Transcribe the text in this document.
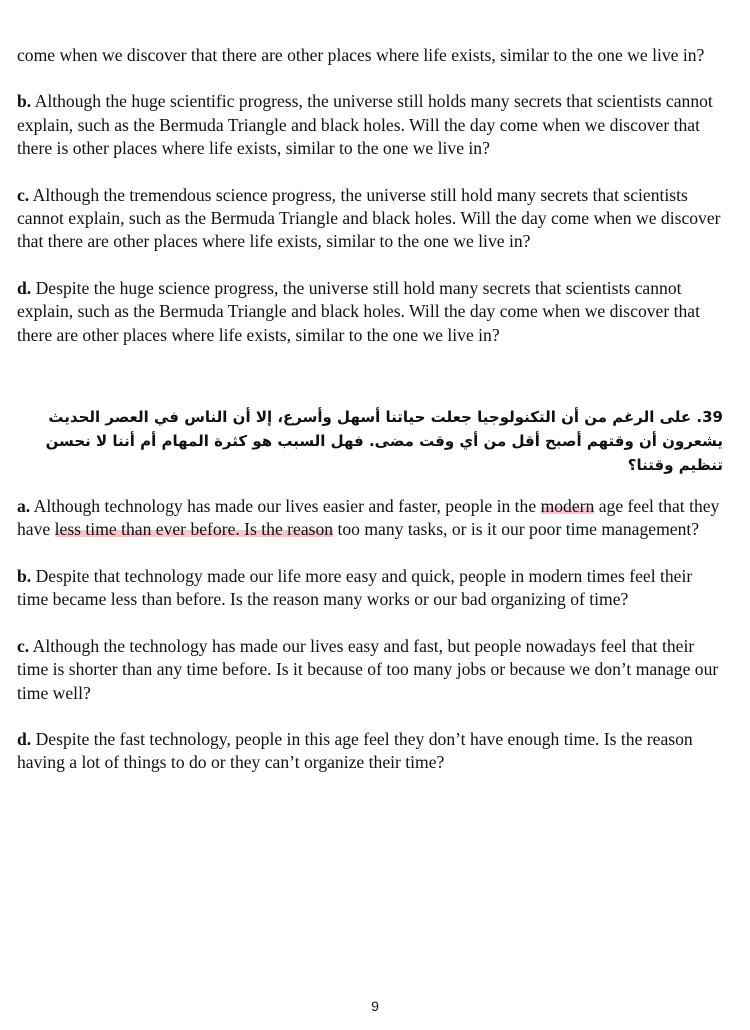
come when we discover that there are other places where life exists, similar to the one we live in?

b. Although the huge scientific progress, the universe still holds many secrets that scientists cannot explain, such as the Bermuda Triangle and black holes. Will the day come when we discover that there is other places where life exists, similar to the one we live in?

c. Although the tremendous science progress, the universe still hold many secrets that scientists cannot explain, such as the Bermuda Triangle and black holes. Will the day come when we discover that there are other places where life exists, similar to the one we live in?

d. Despite the huge science progress, the universe still hold many secrets that scientists cannot explain, such as the Bermuda Triangle and black holes. Will the day come when we discover that there are other places where life exists, similar to the one we live in?

39. على الرغم من أن التكنولوجيا جعلت حياتنا أسهل وأسرع، إلا أن الناس في العصر الحديث يشعرون أن وقتهم أصبح أقل من أي وقت مضى. فهل السبب هو كثرة المهام أم أننا لا نحسن تنظيم وقتنا؟

a. Although technology has made our lives easier and faster, people in the modern age feel that they have less time than ever before. Is the reason too many tasks, or is it our poor time management?

b. Despite that technology made our life more easy and quick, people in modern times feel their time became less than before. Is the reason many works or our bad organizing of time?

c. Although the technology has made our lives easy and fast, but people nowadays feel that their time is shorter than any time before. Is it because of too many jobs or because we don’t manage our time well?

d. Despite the fast technology, people in this age feel they don’t have enough time. Is the reason having a lot of things to do or they can’t organize their time?

9
